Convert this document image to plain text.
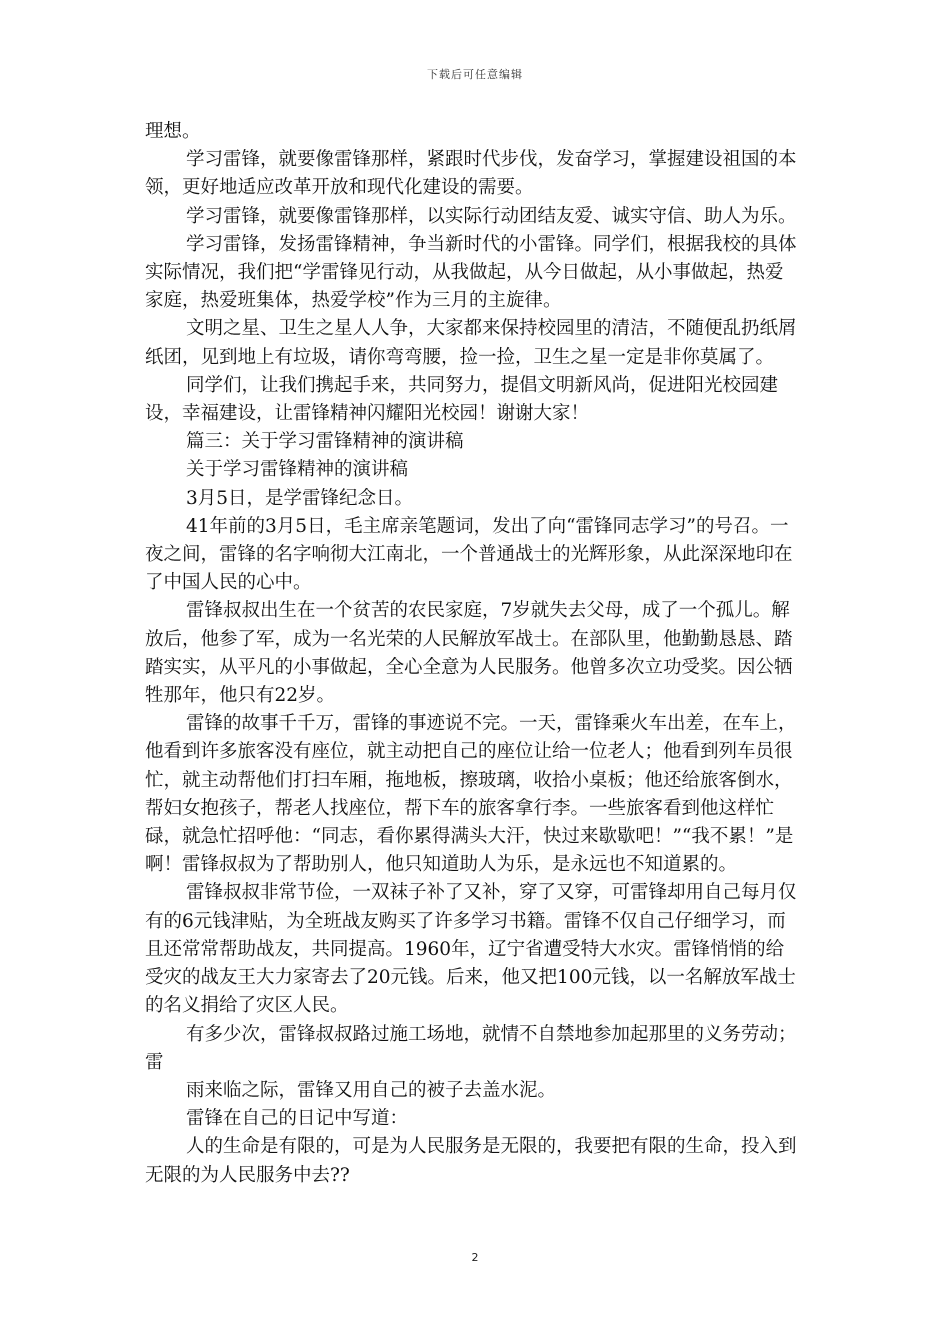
下载后可任意编辑

理想。

学习雷锋，就要像雷锋那样，紧跟时代步伐，发奋学习，掌握建设祖国的本领，更好地适应改革开放和现代化建设的需要。

学习雷锋，就要像雷锋那样，以实际行动团结友爱、诚实守信、助人为乐。

学习雷锋，发扬雷锋精神，争当新时代的小雷锋。同学们，根据我校的具体实际情况，我们把“学雷锋见行动，从我做起，从今日做起，从小事做起，热爱家庭，热爱班集体，热爱学校”作为三月的主旋律。

文明之星、卫生之星人人争，大家都来保持校园里的清洁，不随便乱扔纸屑纸团，见到地上有垃圾，请你弯弯腰，捡一捡，卫生之星一定是非你莫属了。

同学们，让我们携起手来，共同努力，提倡文明新风尚，促进阳光校园建设，幸福建设，让雷锋精神闪耀阳光校园！谢谢大家！

篇三：关于学习雷锋精神的演讲稿

关于学习雷锋精神的演讲稿

3月5日，是学雷锋纪念日。

41年前的3月5日，毛主席亲笔题词，发出了向“雷锋同志学习”的号召。一夜之间，雷锋的名字响彻大江南北，一个普通战士的光辉形象，从此深深地印在了中国人民的心中。

雷锋叔叔出生在一个贫苦的农民家庭，7岁就失去父母，成了一个孤儿。解放后，他参了军，成为一名光荣的人民解放军战士。在部队里，他勤勤恳恳、踏踏实实，从平凡的小事做起，全心全意为人民服务。他曾多次立功受奖。因公牺牲那年，他只有22岁。

雷锋的故事千千万，雷锋的事迹说不完。一天，雷锋乘火车出差，在车上，他看到许多旅客没有座位，就主动把自己的座位让给一位老人；他看到列车员很忙，就主动帮他们打扫车厢，拖地板，擦玻璃，收拾小桌板；他还给旅客倒水，帮妇女抱孩子，帮老人找座位，帮下车的旅客拿行李。一些旅客看到他这样忙碌，就急忙招呼他：“同志，看你累得满头大汗，快过来歇歇吧！”“我不累！”是啊！雷锋叔叔为了帮助别人，他只知道助人为乐，是永远也不知道累的。

雷锋叔叔非常节俭，一双袜子补了又补，穿了又穿，可雷锋却用自己每月仅有的6元钱津贴，为全班战友购买了许多学习书籍。雷锋不仅自己仔细学习，而且还常常帮助战友，共同提高。1960年，辽宁省遭受特大水灾。雷锋悄悄的给受灾的战友王大力家寄去了20元钱。后来，他又把100元钱，以一名解放军战士的名义捐给了灾区人民。

有多少次，雷锋叔叔路过施工场地，就情不自禁地参加起那里的义务劳动；雷

雨来临之际，雷锋又用自己的被子去盖水泥。

雷锋在自己的日记中写道：

人的生命是有限的，可是为人民服务是无限的，我要把有限的生命，投入到无限的为人民服务中去??

2
